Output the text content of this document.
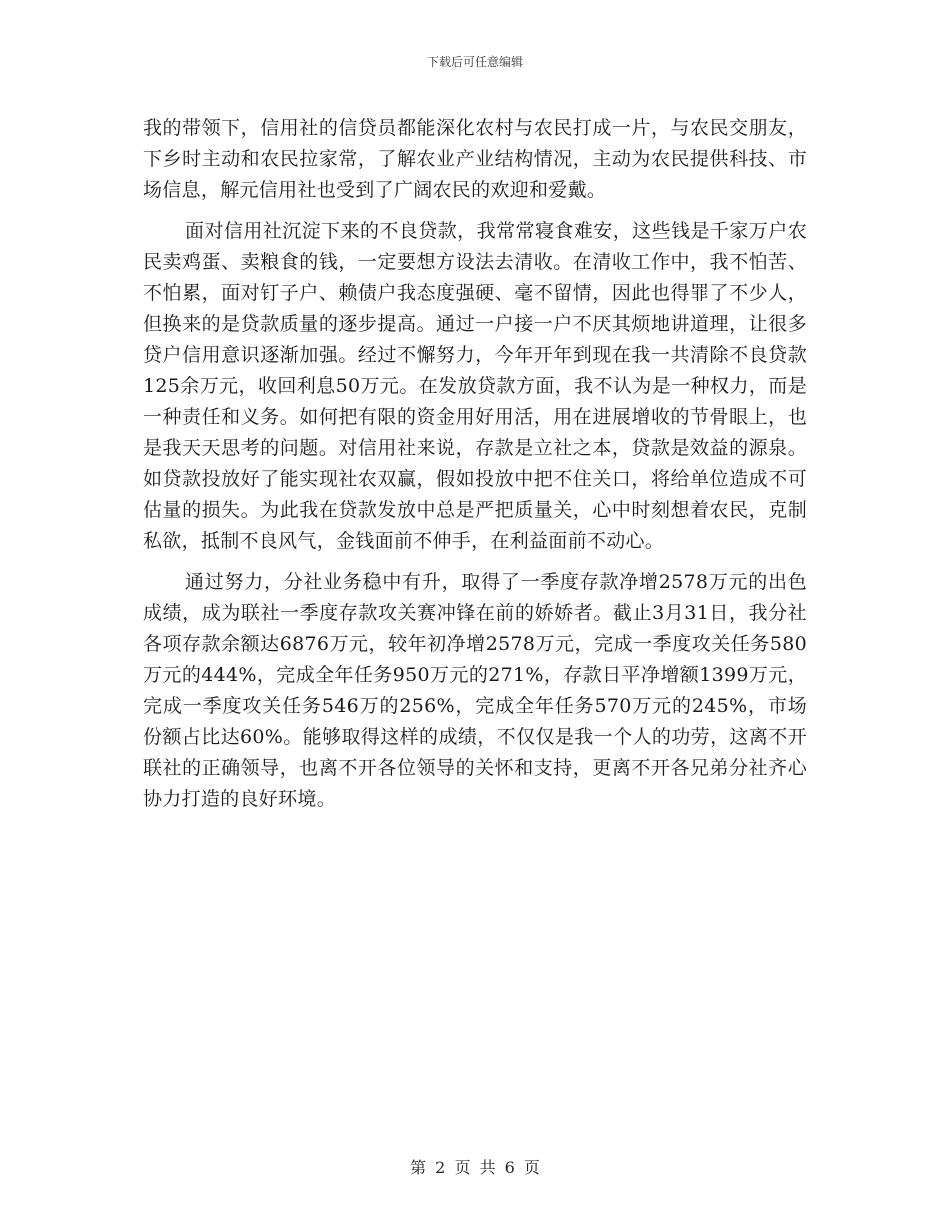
下载后可任意编辑

我的带领下，信用社的信贷员都能深化农村与农民打成一片，与农民交朋友，下乡时主动和农民拉家常，了解农业产业结构情况，主动为农民提供科技、市场信息，解元信用社也受到了广阔农民的欢迎和爱戴。

面对信用社沉淀下来的不良贷款，我常常寝食难安，这些钱是千家万户农民卖鸡蛋、卖粮食的钱，一定要想方设法去清收。在清收工作中，我不怕苦、不怕累，面对钉子户、赖债户我态度强硬、毫不留情，因此也得罪了不少人，但换来的是贷款质量的逐步提高。通过一户接一户不厌其烦地讲道理，让很多贷户信用意识逐渐加强。经过不懈努力，今年开年到现在我一共清除不良贷款125余万元，收回利息50万元。在发放贷款方面，我不认为是一种权力，而是一种责任和义务。如何把有限的资金用好用活，用在进展增收的节骨眼上，也是我天天思考的问题。对信用社来说，存款是立社之本，贷款是效益的源泉。如贷款投放好了能实现社农双赢，假如投放中把不住关口，将给单位造成不可估量的损失。为此我在贷款发放中总是严把质量关，心中时刻想着农民，克制私欲，抵制不良风气，金钱面前不伸手，在利益面前不动心。

通过努力，分社业务稳中有升，取得了一季度存款净增2578万元的出色成绩，成为联社一季度存款攻关赛冲锋在前的娇娇者。截止3月31日，我分社各项存款余额达6876万元，较年初净增2578万元，完成一季度攻关任务580万元的444%，完成全年任务950万元的271%，存款日平净增额1399万元，完成一季度攻关任务546万的256%，完成全年任务570万元的245%，市场份额占比达60%。能够取得这样的成绩，不仅仅是我一个人的功劳，这离不开联社的正确领导，也离不开各位领导的关怀和支持，更离不开各兄弟分社齐心协力打造的良好环境。

第 2 页 共 6 页
